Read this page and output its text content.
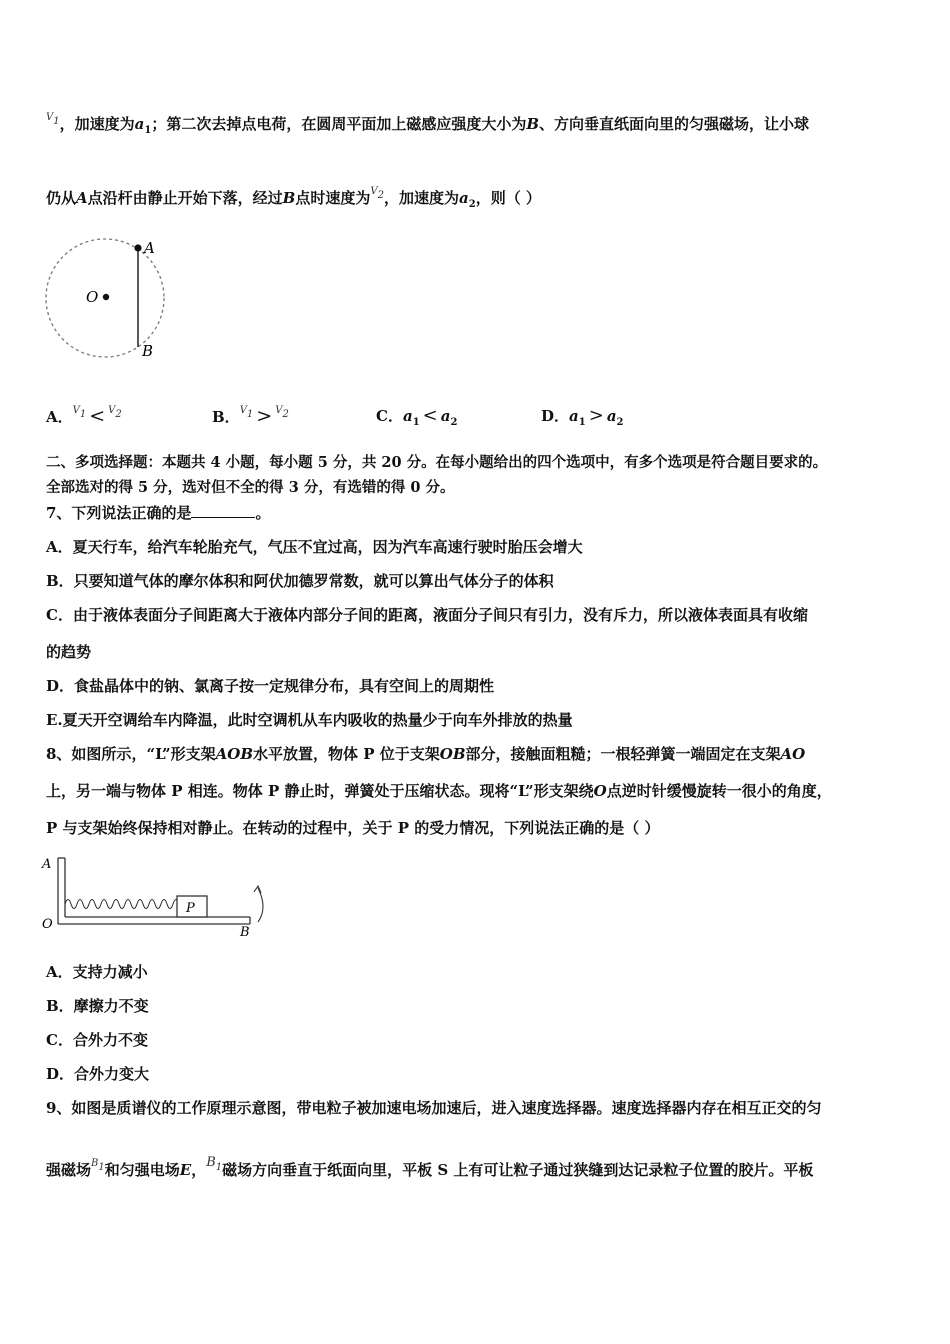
$^{V1}$，加速度为$a_1$；第二次去掉点电荷，在圆周平面加上磁感应强度大小为B、方向垂直纸面向里的匀强磁场，让小球
仍从A点沿杆由静止开始下落，经过B点时速度为$^{V2}$，加速度为$a_2$，则（ ）
A
O
B
A．$^{V1}$ < $^{V2}$	B．$^{V1}$ > $^{V2}$	C．$a_1 < a_2$	D．$a_1 > a_2$
二、多项选择题：本题共 4 小题，每小题 5 分，共 20 分。在每小题给出的四个选项中，有多个选项是符合题目要求的。
全部选对的得 5 分，选对但不全的得 3 分，有选错的得 0 分。
7、下列说法正确的是	。
A．夏天行车，给汽车轮胎充气，气压不宜过高，因为汽车高速行驶时胎压会增大
B．只要知道气体的摩尔体积和阿伏加德罗常数，就可以算出气体分子的体积
C．由于液体表面分子间距离大于液体内部分子间的距离，液面分子间只有引力，没有斥力，所以液体表面具有收缩
的趋势
D．食盐晶体中的钠、氯离子按一定规律分布，具有空间上的周期性
E.夏天开空调给车内降温，此时空调机从车内吸收的热量少于向车外排放的热量
8、如图所示，“L”形支架AOB水平放置，物体 P 位于支架OB部分，接触面粗糙；一根轻弹簧一端固定在支架AO
上，另一端与物体 P 相连。物体 P 静止时，弹簧处于压缩状态。现将“L”形支架绕O点逆时针缓慢旋转一很小的角度，
P 与支架始终保持相对静止。在转动的过程中，关于 P 的受力情况，下列说法正确的是（ ）
A
O
B
P
A．支持力减小
B．摩擦力不变
C．合外力不变
D．合外力变大
9、如图是质谱仪的工作原理示意图，带电粒子被加速电场加速后，进入速度选择器。速度选择器内存在相互正交的匀
强磁场$^{B1}$和匀强电场E，$B_1$磁场方向垂直于纸面向里，平板 S 上有可让粒子通过狭缝到达记录粒子位置的胶片。平板
